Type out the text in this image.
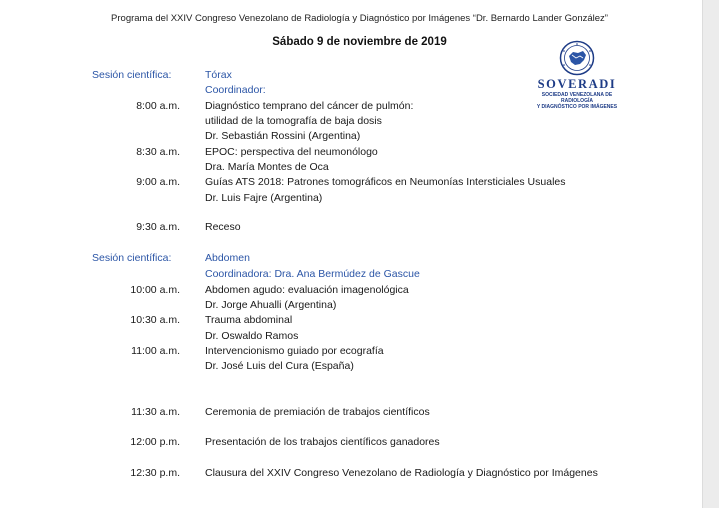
Programa del XXIV Congreso Venezolano de Radiología y Diagnóstico por Imágenes “Dr. Bernardo Lander González”
Sábado 9 de noviembre de 2019
SOVERADI
SOCIEDAD VENEZOLANA DE RADIOLOGÍA
Y DIAGNÓSTICO POR IMÁGENES
Sesión científica:	Tórax
Coordinador:
8:00 a.m. Diagnóstico temprano del cáncer de pulmón:
utilidad de la tomografía de baja dosis
Dr. Sebastián Rossini (Argentina)
8:30 a.m. EPOC: perspectiva del neumonólogo
Dra. María Montes de Oca
9:00 a.m. Guías ATS 2018: Patrones tomográficos en Neumonías Intersticiales Usuales
Dr. Luis Fajre (Argentina)
9:30 a.m. Receso
Sesión científica:	Abdomen
Coordinadora: Dra. Ana Bermúdez de Gascue
10:00 a.m. Abdomen agudo: evaluación imagenológica
Dr. Jorge Ahualli (Argentina)
10:30 a.m. Trauma abdominal
Dr. Oswaldo Ramos
11:00 a.m. Intervencionismo guiado por ecografía
Dr. José Luis del Cura (España)
11:30 a.m. Ceremonia de premiación de trabajos científicos
12:00 p.m. Presentación de los trabajos científicos ganadores
12:30 p.m. Clausura del XXIV Congreso Venezolano de Radiología y Diagnóstico por Imágenes
